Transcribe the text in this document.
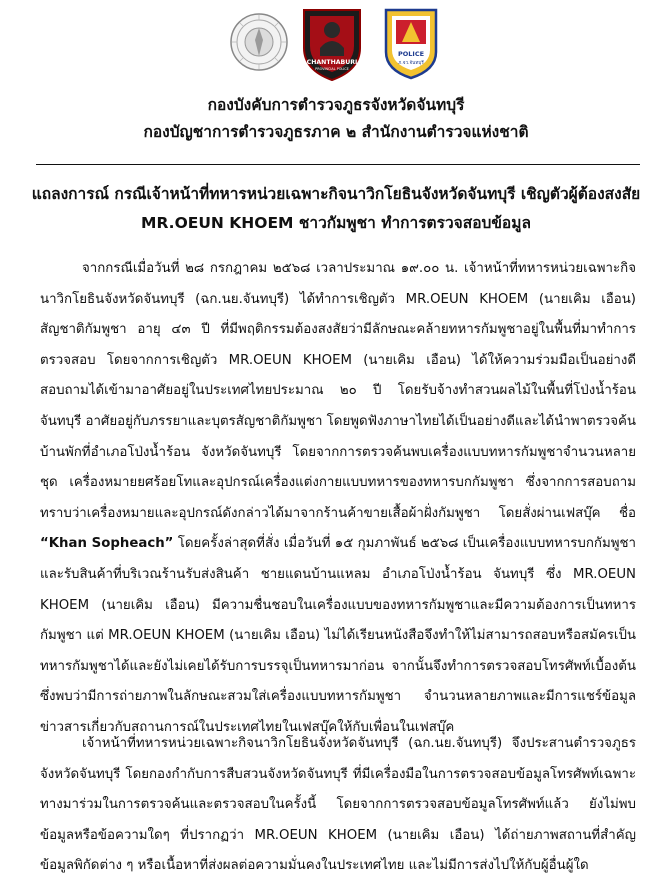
CHANTHABURI
PROVINCIAL POLICE
POLICE
ภ.จว.จันทบุรี
กองบังคับการตำรวจภูธรจังหวัดจันทบุรี
กองบัญชาการตำรวจภูธรภาค ๒ สำนักงานตำรวจแห่งชาติ
แถลงการณ์ กรณีเจ้าหน้าที่ทหารหน่วยเฉพาะกิจนาวิกโยธินจังหวัดจันทบุรี เชิญตัวผู้ต้องสงสัย
MR.OEUN KHOEM ชาวกัมพูชา ทำการตรวจสอบข้อมูล

จากกรณีเมื่อวันที่ ๒๘ กรกฎาคม ๒๕๖๘ เวลาประมาณ ๑๙.๐๐ น. เจ้าหน้าที่ทหารหน่วยเฉพาะกิจนาวิกโยธินจังหวัดจันทบุรี (ฉก.นย.จันทบุรี) ได้ทำการเชิญตัว MR.OEUN KHOEM (นายเคิม เอือน) สัญชาติกัมพูชา อายุ ๔๓ ปี ที่มีพฤติกรรมต้องสงสัยว่ามีลักษณะคล้ายทหารกัมพูชาอยู่ในพื้นที่มาทำการตรวจสอบ โดยจากการเชิญตัว MR.OEUN KHOEM (นายเคิม เอือน) ได้ให้ความร่วมมือเป็นอย่างดี สอบถามได้เข้ามาอาศัยอยู่ในประเทศไทยประมาณ ๒๐ ปี โดยรับจ้างทำสวนผลไม้ในพื้นที่โป่งน้ำร้อน จันทบุรี อาศัยอยู่กับภรรยาและบุตรสัญชาติกัมพูชา โดยพูดฟังภาษาไทยได้เป็นอย่างดีและได้นำพาตรวจค้นบ้านพักที่อำเภอโป่งน้ำร้อน จังหวัดจันทบุรี โดยจากการตรวจค้นพบเครื่องแบบทหารกัมพูชาจำนวนหลายชุด เครื่องหมายยศร้อยโทและอุปกรณ์เครื่องแต่งกายแบบทหารของทหารบกกัมพูชา ซึ่งจากการสอบถามทราบว่าเครื่องหมายและอุปกรณ์ดังกล่าวได้มาจากร้านค้าขายเสื้อผ้าฝั่งกัมพูชา โดยสั่งผ่านเฟสบุ๊ค ชื่อ “Khan Sopheach” โดยครั้งล่าสุดที่สั่ง เมื่อวันที่ ๑๕ กุมภาพันธ์ ๒๕๖๘ เป็นเครื่องแบบทหารบกกัมพูชา และรับสินค้าที่บริเวณร้านรับส่งสินค้า ชายแดนบ้านแหลม อำเภอโป่งน้ำร้อน จันทบุรี ซึ่ง MR.OEUN KHOEM (นายเคิม เอือน) มีความชื่นชอบในเครื่องแบบของทหารกัมพูชาและมีความต้องการเป็นทหารกัมพูชา แต่ MR.OEUN KHOEM (นายเคิม เอือน) ไม่ได้เรียนหนังสือจึงทำให้ไม่สามารถสอบหรือสมัครเป็นทหารกัมพูชาได้และยังไม่เคยได้รับการบรรจุเป็นทหารมาก่อน จากนั้นจึงทำการตรวจสอบโทรศัพท์เบื้องต้น ซึ่งพบว่ามีการถ่ายภาพในลักษณะสวมใส่เครื่องแบบทหารกัมพูชา จำนวนหลายภาพและมีการแชร์ข้อมูลข่าวสารเกี่ยวกับสถานการณ์ในประเทศไทยในเฟสบุ๊คให้กับเพื่อนในเฟสบุ๊ค

เจ้าหน้าที่ทหารหน่วยเฉพาะกิจนาวิกโยธินจังหวัดจันทบุรี (ฉก.นย.จันทบุรี) จึงประสานตำรวจภูธรจังหวัดจันทบุรี โดยกองกำกับการสืบสวนจังหวัดจันทบุรี ที่มีเครื่องมือในการตรวจสอบข้อมูลโทรศัพท์เฉพาะทางมาร่วมในการตรวจค้นและตรวจสอบในครั้งนี้ โดยจากการตรวจสอบข้อมูลโทรศัพท์แล้ว ยังไม่พบข้อมูลหรือข้อความใดๆ ที่ปรากฏว่า MR.OEUN KHOEM (นายเคิม เอือน) ได้ถ่ายภาพสถานที่สำคัญ ข้อมูลพิกัดต่าง ๆ หรือเนื้อหาที่ส่งผลต่อความมั่นคงในประเทศไทย และไม่มีการส่งไปให้กับผู้อื่นผู้ใด
